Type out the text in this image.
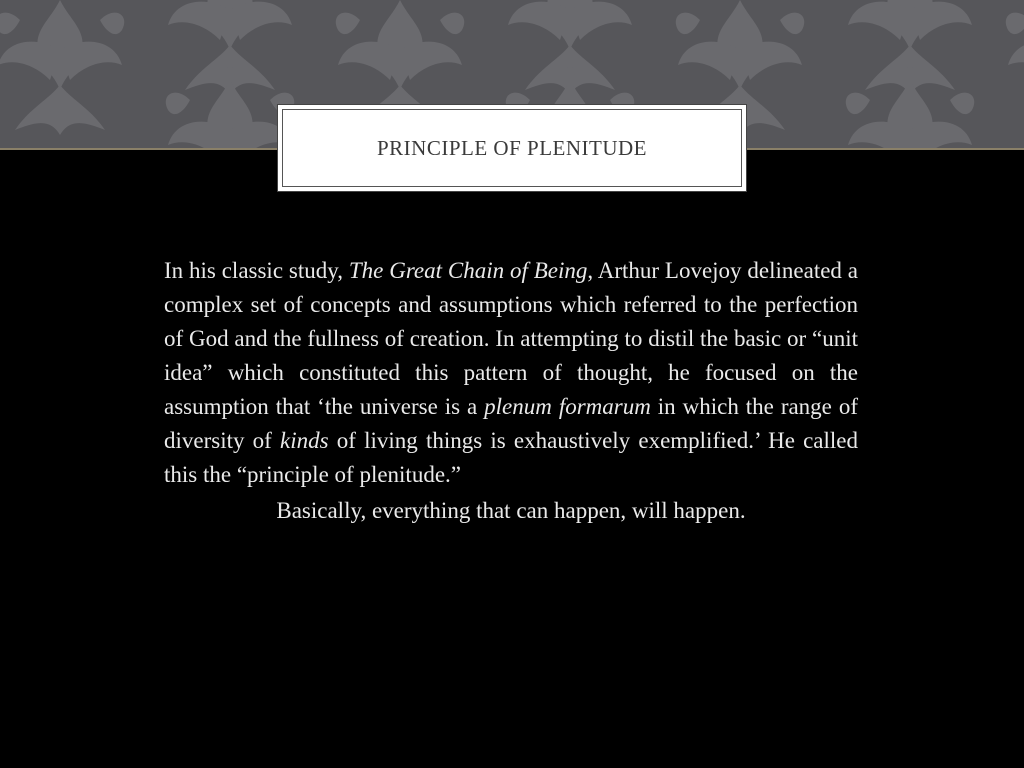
PRINCIPLE OF PLENITUDE

In his classic study, The Great Chain of Being, Arthur Lovejoy delineated a complex set of concepts and assumptions which referred to the perfection of God and the fullness of creation. In attempting to distil the basic or “unit idea” which constituted this pattern of thought, he focused on the assumption that ‘the universe is a plenum formarum in which the range of diversity of kinds of living things is exhaustively exemplified.’ He called this the “principle of plenitude.”

Basically, everything that can happen, will happen.
